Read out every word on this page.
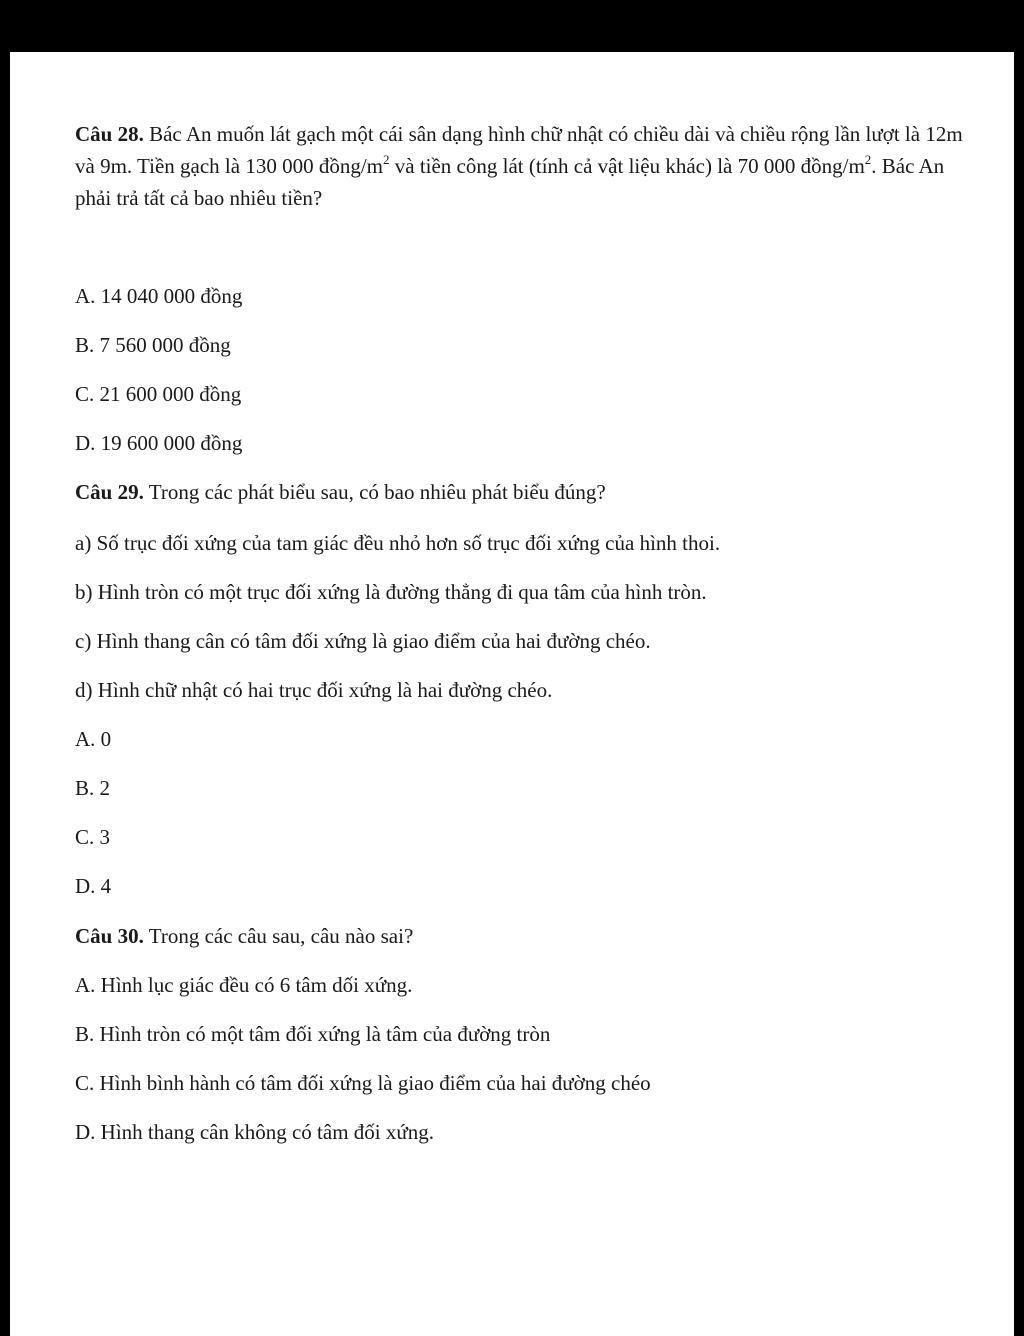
Câu 28. Bác An muốn lát gạch một cái sân dạng hình chữ nhật có chiều dài và chiều rộng lần lượt là 12m và 9m. Tiền gạch là 130 000 đồng/$m^2$ và tiền công lát (tính cả vật liệu khác) là 70 000 đồng/$m^2$. Bác An phải trả tất cả bao nhiêu tiền?

A. 14 040 000 đồng
B. 7 560 000 đồng
C. 21 600 000 đồng
D. 19 600 000 đồng
Câu 29. Trong các phát biểu sau, có bao nhiêu phát biểu đúng?
a) Số trục đối xứng của tam giác đều nhỏ hơn số trục đối xứng của hình thoi.
b) Hình tròn có một trục đối xứng là đường thẳng đi qua tâm của hình tròn.
c) Hình thang cân có tâm đối xứng là giao điểm của hai đường chéo.
d) Hình chữ nhật có hai trục đối xứng là hai đường chéo.
A. 0
B. 2
C. 3
D. 4
Câu 30. Trong các câu sau, câu nào sai?
A. Hình lục giác đều có 6 tâm dối xứng.
B. Hình tròn có một tâm đối xứng là tâm của đường tròn
C. Hình bình hành có tâm đối xứng là giao điểm của hai đường chéo
D. Hình thang cân không có tâm đối xứng.
